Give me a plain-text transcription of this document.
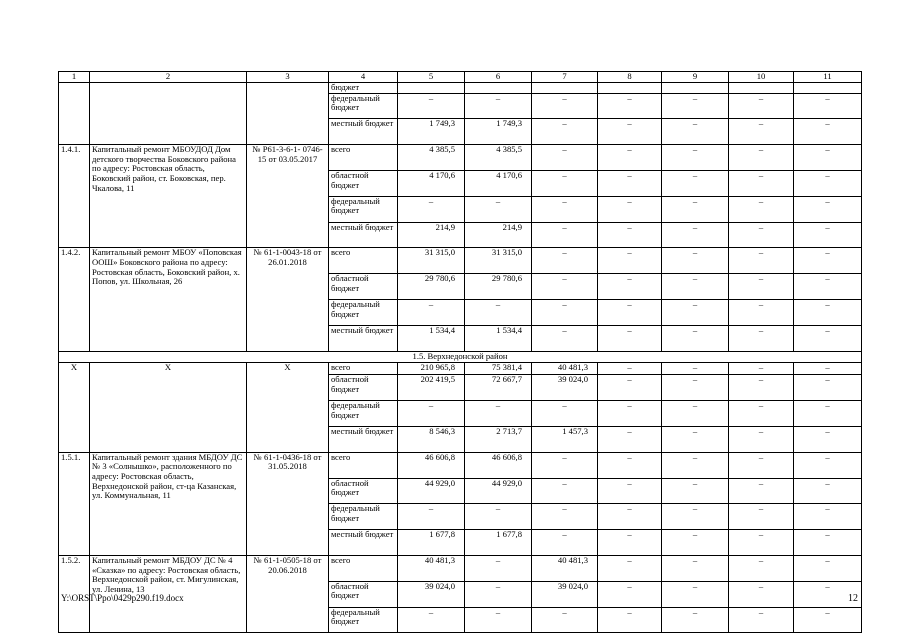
1	2	3	4	5	6	7	8	9	10	11
			бюджет							
			федеральный бюджет	–	–	–	–	–	–	–
			местный бюджет	1 749,3	1 749,3	–	–	–	–	–
1.4.1.	Капитальный ремонт МБОУДОД Дом детского творчества Боковского района по адресу: Ростовская область, Боковский район, ст. Боковская, пер. Чкалова, 11	№ Р61-3-6-1- 0746-15 от 03.05.2017	всего	4 385,5	4 385,5	–	–	–	–	–
			областной бюджет	4 170,6	4 170,6	–	–	–	–	–
			федеральный бюджет	–	–	–	–	–	–	–
			местный бюджет	214,9	214,9	–	–	–	–	–
1.4.2.	Капитальный ремонт МБОУ «Поповская ООШ» Боковского района по адресу: Ростовская область, Боковский район, х. Попов, ул. Школьная, 26	№ 61-1-0043-18 от 26.01.2018	всего	31 315,0	31 315,0	–	–	–	–	–
			областной бюджет	29 780,6	29 780,6	–	–	–	–	–
			федеральный бюджет	–	–	–	–	–	–	–
			местный бюджет	1 534,4	1 534,4	–	–	–	–	–
1.5. Верхнедонской район										
Х	Х	Х	всего	210 965,8	75 381,4	40 481,3	–	–	–	–
			областной бюджет	202 419,5	72 667,7	39 024,0	–	–	–	–
			федеральный бюджет	–	–	–	–	–	–	–
			местный бюджет	8 546,3	2 713,7	1 457,3	–	–	–	–
1.5.1.	Капитальный ремонт здания МБДОУ ДС № 3 «Солнышко», расположенного по адресу: Ростовская область, Верхнедонской район, ст-ца Казанская, ул. Коммунальная, 11	№ 61-1-0436-18 от 31.05.2018	всего	46 606,8	46 606,8	–	–	–	–	–
			областной бюджет	44 929,0	44 929,0	–	–	–	–	–
			федеральный бюджет	–	–	–	–	–	–	–
			местный бюджет	1 677,8	1 677,8	–	–	–	–	–
1.5.2.	Капитальный ремонт МБДОУ ДС № 4 «Сказка» по адресу: Ростовская область, Верхнедонской район, ст. Мигулинская, ул. Ленина, 13	№ 61-1-0505-18 от 20.06.2018	всего	40 481,3	–	40 481,3	–	–	–	–
			областной бюджет	39 024,0	–	39 024,0	–	–	–	–
			федеральный бюджет	–	–	–	–	–	–	–
Y:\ORST\Ppo\0429p290.f19.docx	12
